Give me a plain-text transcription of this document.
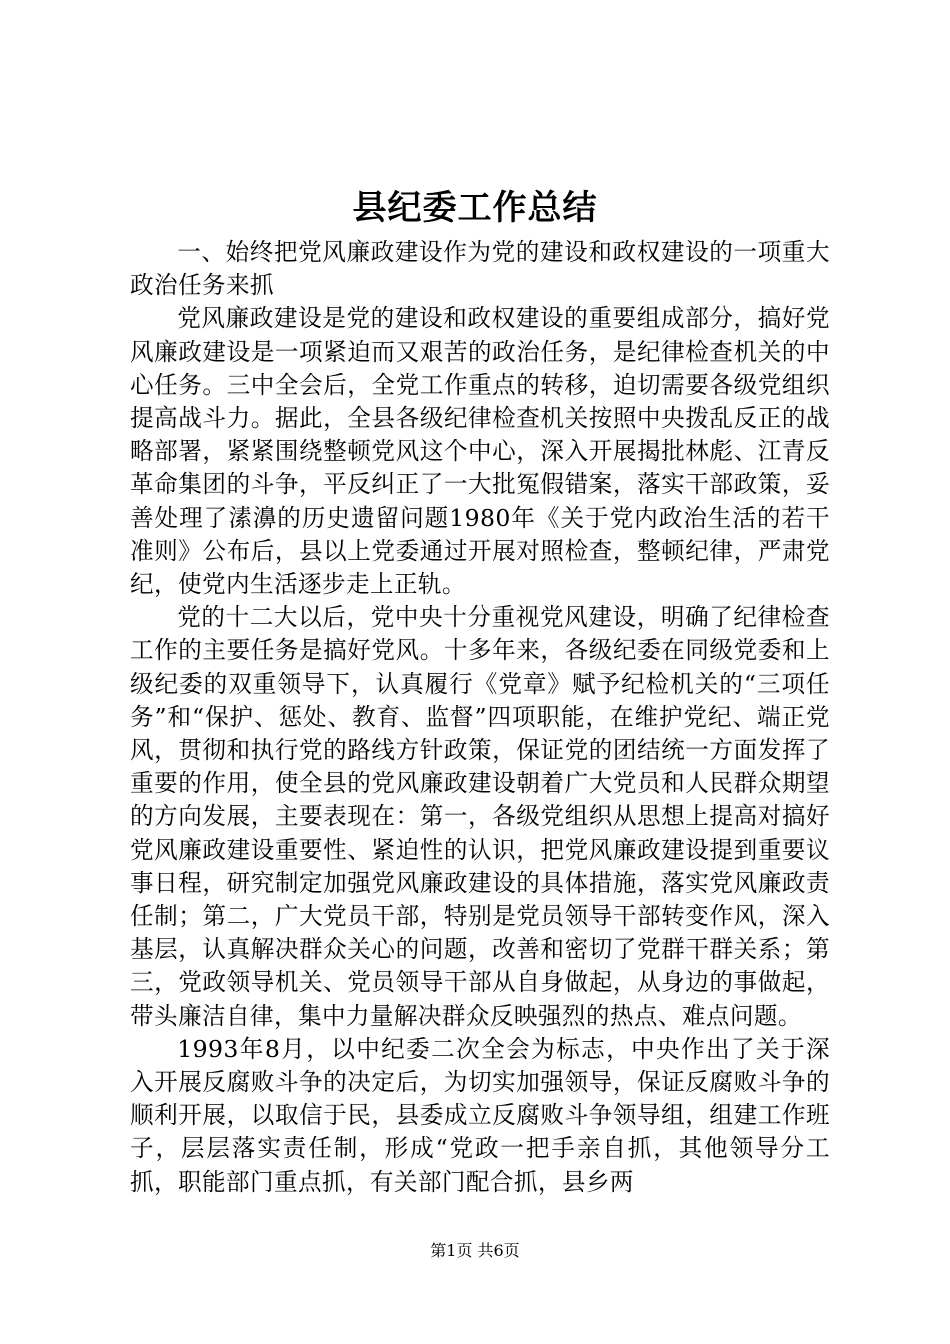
县纪委工作总结

一、始终把党风廉政建设作为党的建设和政权建设的一项重大政治任务来抓

党风廉政建设是党的建设和政权建设的重要组成部分，搞好党风廉政建设是一项紧迫而又艰苦的政治任务，是纪律检查机关的中心任务。三中全会后，全党工作重点的转移，迫切需要各级党组织提高战斗力。据此，全县各级纪律检查机关按照中央拨乱反正的战略部署，紧紧围绕整顿党风这个中心，深入开展揭批林彪、江青反革命集团的斗争，平反纠正了一大批冤假错案，落实干部政策，妥善处理了溸濞的历史遗留问题1980年《关于党内政治生活的若干准则》公布后，县以上党委通过开展对照检查，整顿纪律，严肃党纪，使党内生活逐步走上正轨。

党的十二大以后，党中央十分重视党风建设，明确了纪律检查工作的主要任务是搞好党风。十多年来，各级纪委在同级党委和上级纪委的双重领导下，认真履行《党章》赋予纪检机关的“三项任务”和“保护、惩处、教育、监督”四项职能，在维护党纪、端正党风，贯彻和执行党的路线方针政策，保证党的团结统一方面发挥了重要的作用，使全县的党风廉政建设朝着广大党员和人民群众期望的方向发展，主要表现在：第一，各级党组织从思想上提高对搞好党风廉政建设重要性、紧迫性的认识，把党风廉政建设提到重要议事日程，研究制定加强党风廉政建设的具体措施，落实党风廉政责任制；第二，广大党员干部，特别是党员领导干部转变作风，深入基层，认真解决群众关心的问题，改善和密切了党群干群关系；第三，党政领导机关、党员领导干部从自身做起，从身边的事做起，带头廉洁自律，集中力量解决群众反映强烈的热点、难点问题。

1993年8月，以中纪委二次全会为标志，中央作出了关于深入开展反腐败斗争的决定后，为切实加强领导，保证反腐败斗争的顺利开展，以取信于民，县委成立反腐败斗争领导组，组建工作班子，层层落实责任制，形成“党政一把手亲自抓，其他领导分工抓，职能部门重点抓，有关部门配合抓，县乡两

第1页 共6页
